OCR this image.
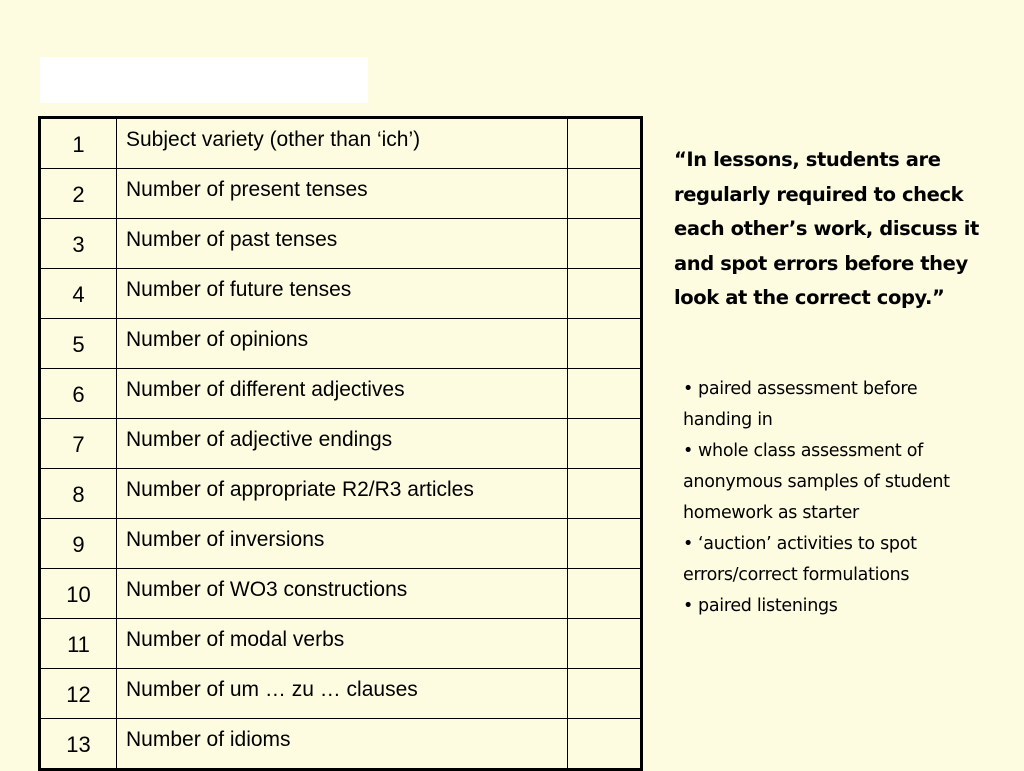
1	Subject variety (other than ‘ich’)	
2	Number of present tenses	
3	Number of past tenses	
4	Number of future tenses	
5	Number of opinions	
6	Number of different adjectives	
7	Number of adjective endings	
8	Number of appropriate R2/R3 articles	
9	Number of inversions	
10	Number of WO3 constructions	
11	Number of modal verbs	
12	Number of um … zu … clauses	
13	Number of idioms	
“In lessons, students are regularly required to check each other’s work, discuss it and spot errors before they look at the correct copy.”
• paired assessment before handing in
• whole class assessment of anonymous samples of student homework as starter
• ‘auction’ activities to spot errors/correct formulations
• paired listenings
